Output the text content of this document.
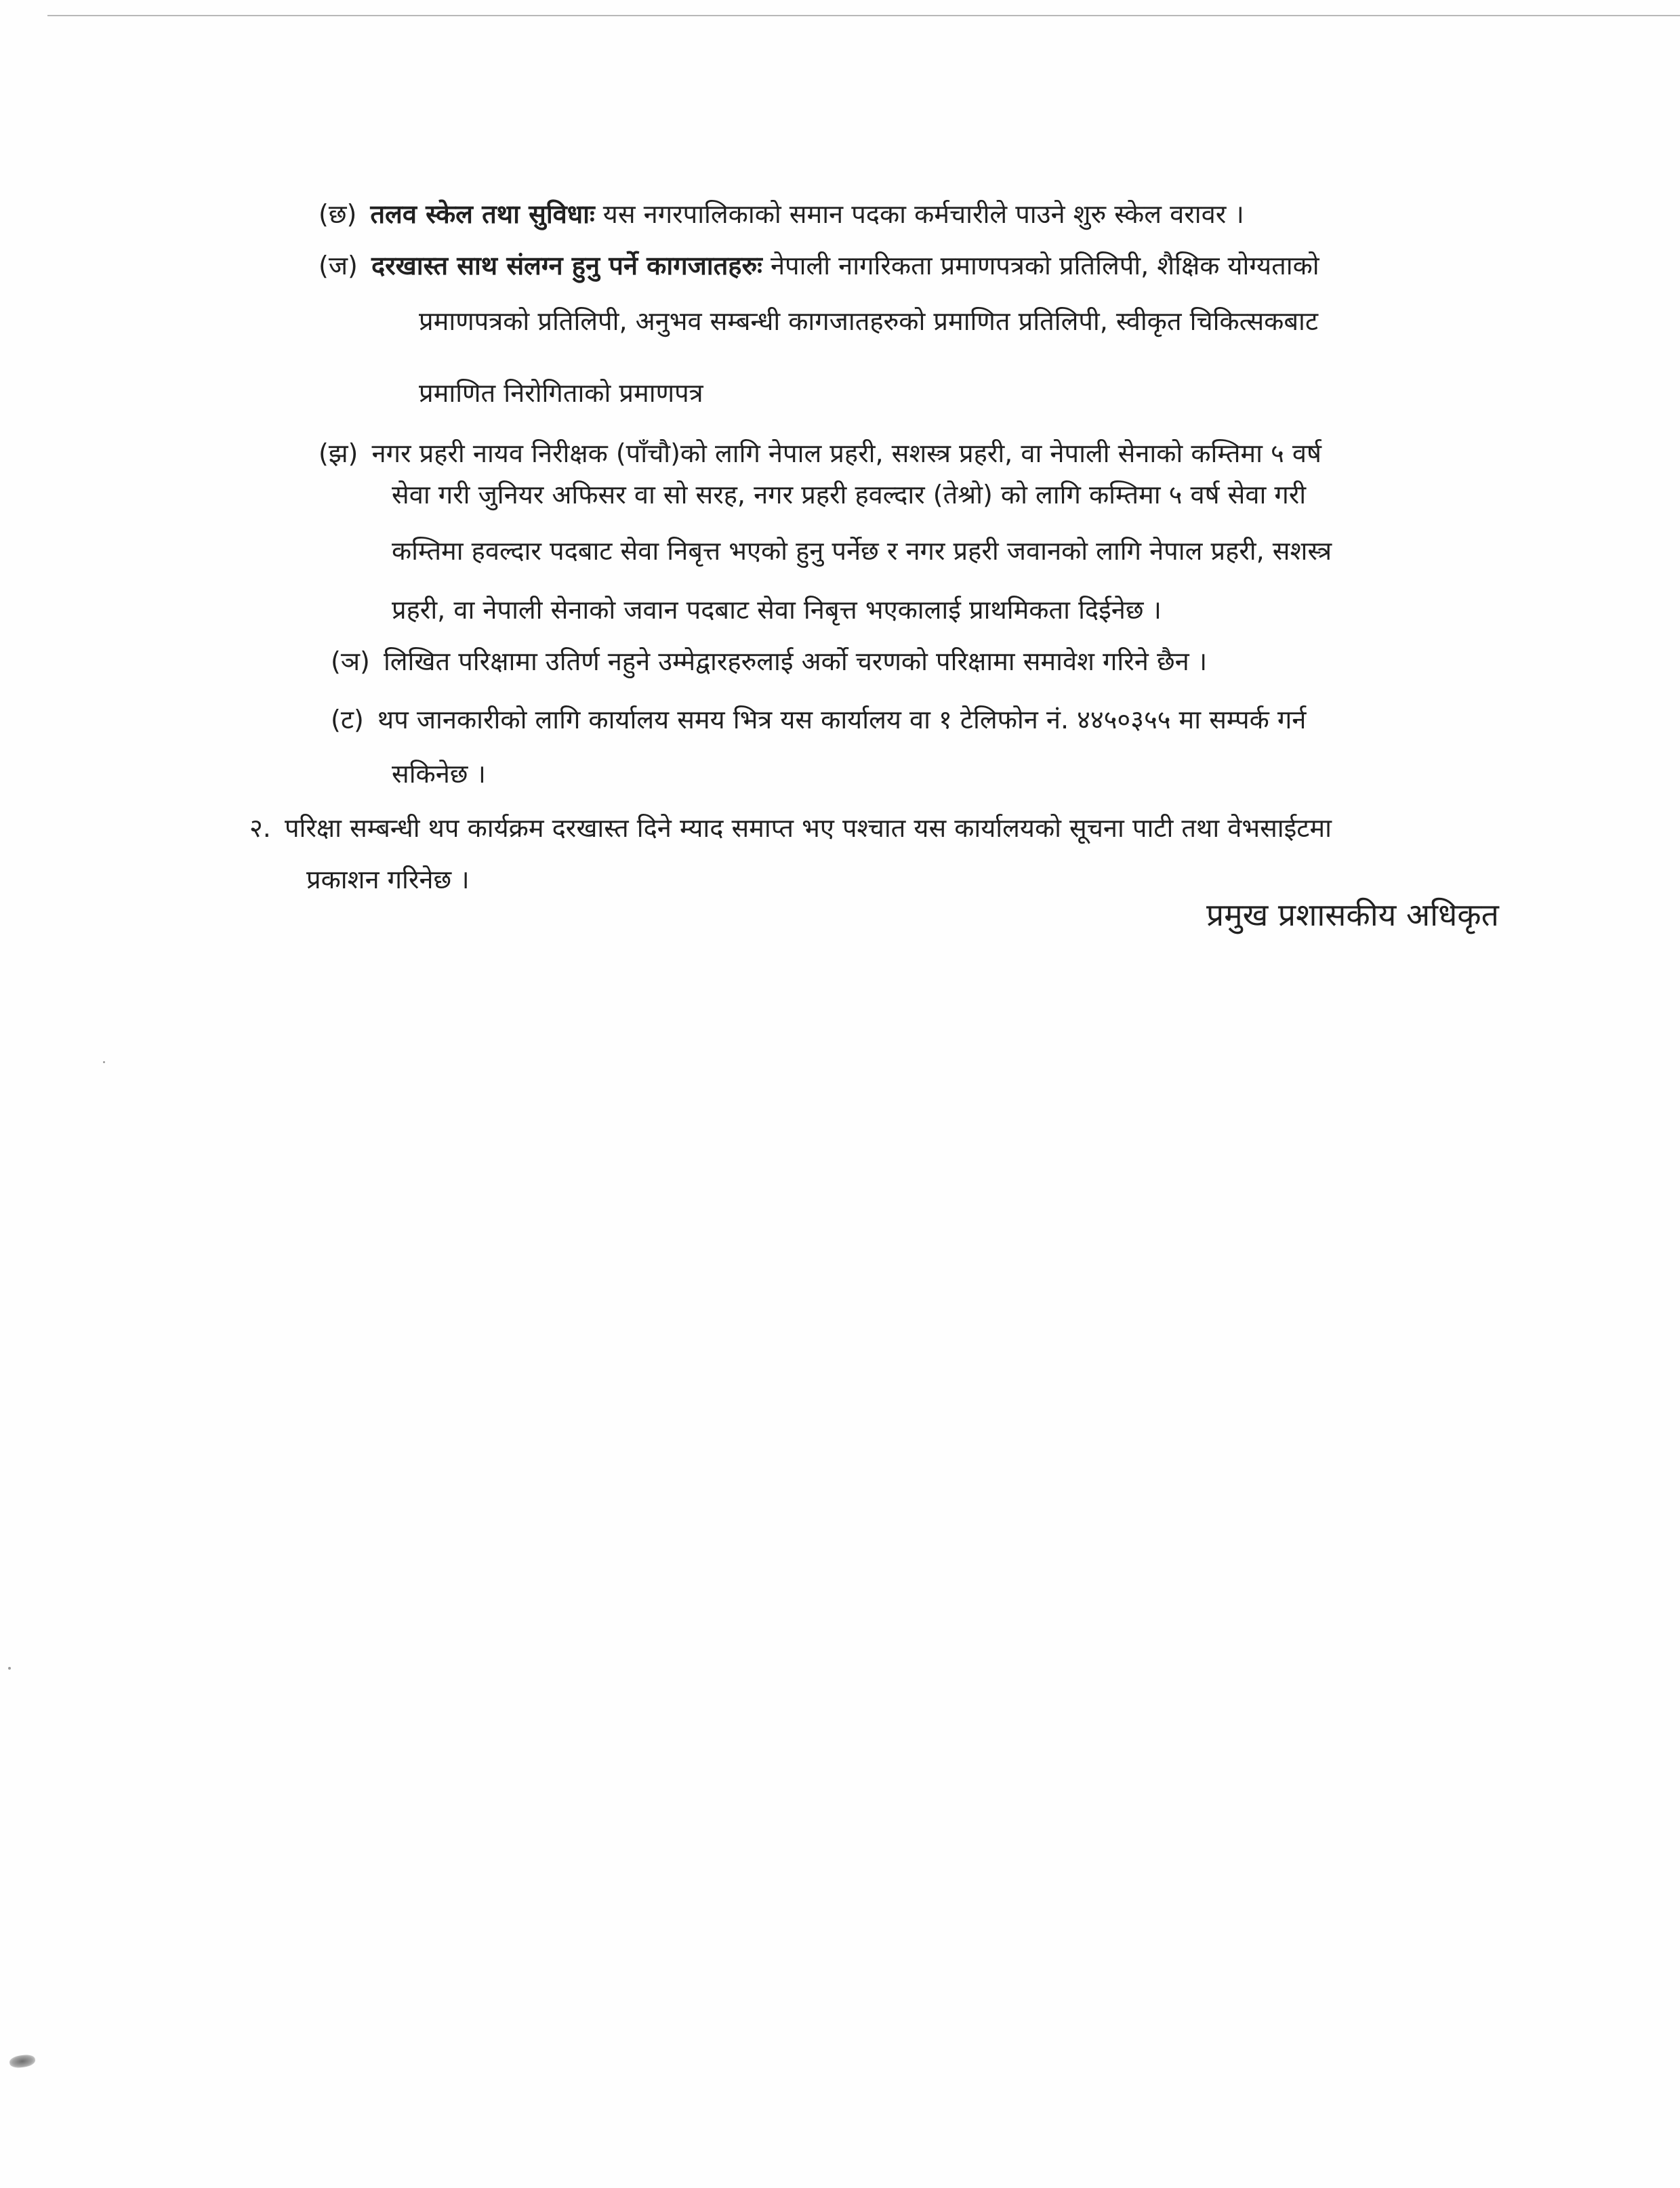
(छ) तलव स्केल तथा सुविधाः यस नगरपालिकाको समान पदका कर्मचारीले पाउने शुरु स्केल वरावर ।
(ज) दरखास्त साथ संलग्न हुनु पर्ने कागजातहरुः नेपाली नागरिकता प्रमाणपत्रको प्रतिलिपी, शैक्षिक योग्यताको
प्रमाणपत्रको प्रतिलिपी, अनुभव सम्बन्धी कागजातहरुको प्रमाणित प्रतिलिपी, स्वीकृत चिकित्सकबाट
प्रमाणित निरोगिताको प्रमाणपत्र
(झ) नगर प्रहरी नायव निरीक्षक (पाँचौ)को लागि नेपाल प्रहरी, सशस्त्र प्रहरी, वा नेपाली सेनाको कम्तिमा ५ वर्ष
सेवा गरी जुनियर अफिसर वा सो सरह, नगर प्रहरी हवल्दार (तेश्रो) को लागि कम्तिमा ५ वर्ष सेवा गरी
कम्तिमा हवल्दार पदबाट सेवा निबृत्त भएको हुनु पर्नेछ र नगर प्रहरी जवानको लागि नेपाल प्रहरी, सशस्त्र
प्रहरी, वा नेपाली सेनाको जवान पदबाट सेवा निबृत्त भएकालाई प्राथमिकता दिईनेछ ।
(ञ) लिखित परिक्षामा उतिर्ण नहुने उम्मेद्वारहरुलाई अर्को चरणको परिक्षामा समावेश गरिने छैन ।
(ट) थप जानकारीको लागि कार्यालय समय भित्र यस कार्यालय वा १ टेलिफोन नं. ४४५०३५५ मा सम्पर्क गर्न
सकिनेछ ।
२. परिक्षा सम्बन्धी थप कार्यक्रम दरखास्त दिने म्याद समाप्त भए पश्चात यस कार्यालयको सूचना पाटी तथा वेभसाईटमा
प्रकाशन गरिनेछ ।
प्रमुख प्रशासकीय अधिकृत
